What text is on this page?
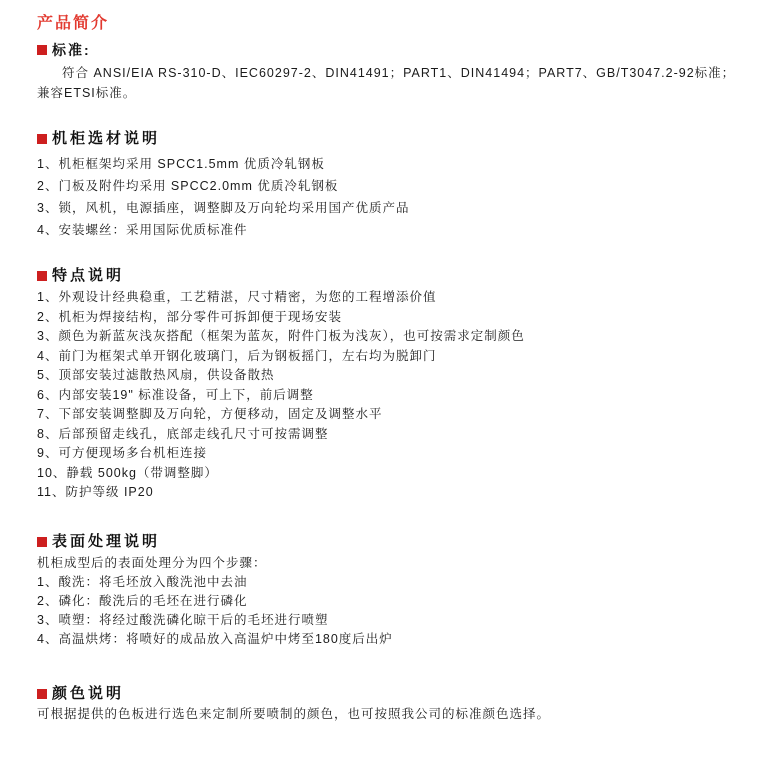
产品简介
标准:

符合 ANSI/EIA RS-310-D、IEC60297-2、DIN41491；PART1、DIN41494；PART7、GB/T3047.2-92标准；

兼容ETSI标准。

机柜选材说明
1、机柜框架均采用 SPCC1.5mm 优质冷轧钢板
2、门板及附件均采用 SPCC2.0mm 优质冷轧钢板
3、锁，风机，电源插座，调整脚及万向轮均采用国产优质产品
4、安装螺丝：采用国际优质标准件
特点说明
1、外观设计经典稳重，工艺精湛，尺寸精密，为您的工程增添价值
2、机柜为焊接结构，部分零件可拆卸便于现场安装
3、颜色为新蓝灰浅灰搭配（框架为蓝灰，附件门板为浅灰），也可按需求定制颜色
4、前门为框架式单开钢化玻璃门，后为钢板摇门，左右均为脱卸门
5、顶部安装过滤散热风扇，供设备散热
6、内部安装19" 标准设备，可上下，前后调整
7、下部安装调整脚及万向轮，方便移动，固定及调整水平
8、后部预留走线孔，底部走线孔尺寸可按需调整
9、可方便现场多台机柜连接
10、静载 500kg（带调整脚）
11、防护等级 IP20
表面处理说明
机柜成型后的表面处理分为四个步骤：
1、酸洗：将毛坯放入酸洗池中去油
2、磷化：酸洗后的毛坯在进行磷化
3、喷塑：将经过酸洗磷化晾干后的毛坯进行喷塑
4、高温烘烤：将喷好的成品放入高温炉中烤至180度后出炉
颜色说明
可根据提供的色板进行选色来定制所要喷制的颜色，也可按照我公司的标准颜色选择。
